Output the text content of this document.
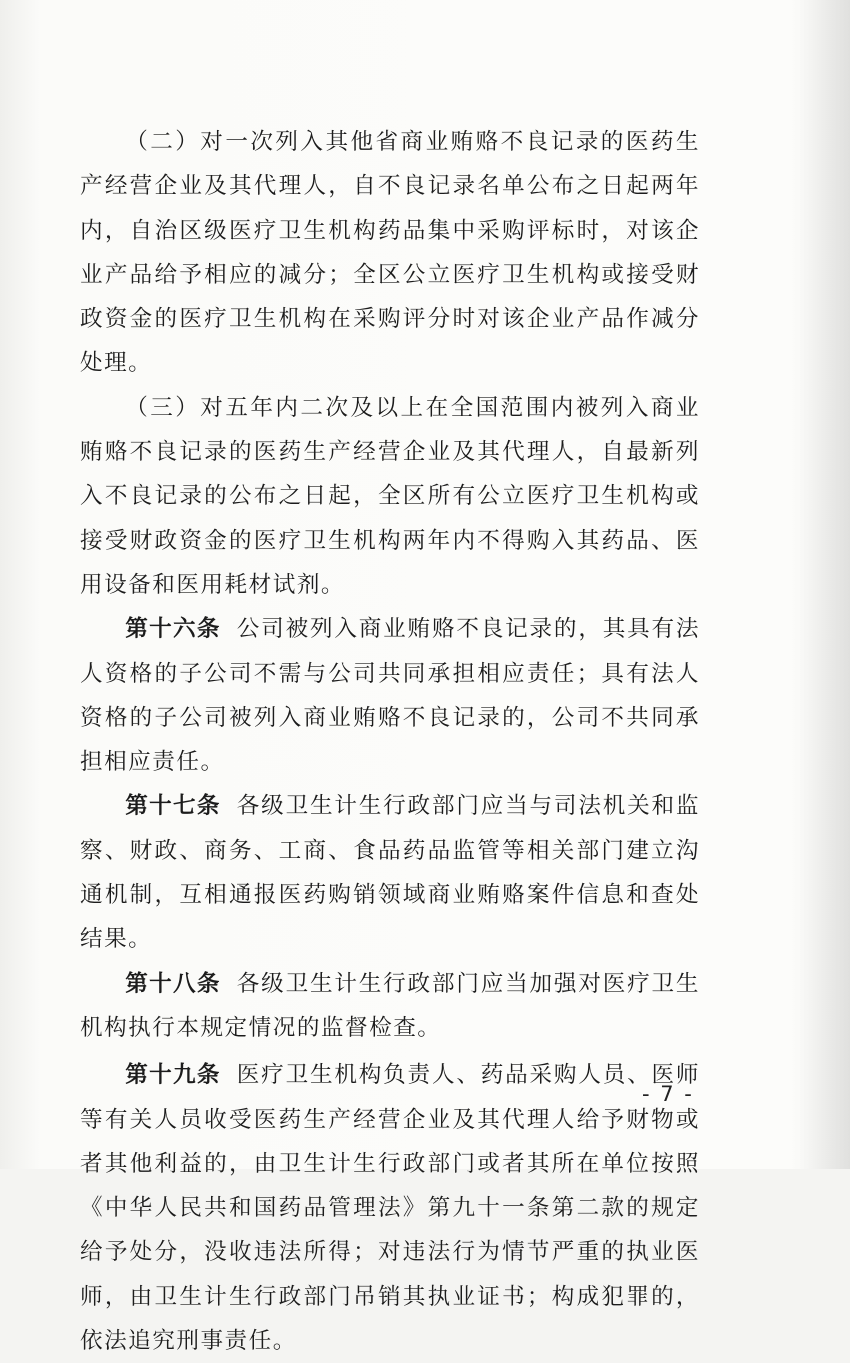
（二）对一次列入其他省商业贿赂不良记录的医药生产经营企业及其代理人，自不良记录名单公布之日起两年内，自治区级医疗卫生机构药品集中采购评标时，对该企业产品给予相应的减分；全区公立医疗卫生机构或接受财政资金的医疗卫生机构在采购评分时对该企业产品作减分处理。

（三）对五年内二次及以上在全国范围内被列入商业贿赂不良记录的医药生产经营企业及其代理人，自最新列入不良记录的公布之日起，全区所有公立医疗卫生机构或接受财政资金的医疗卫生机构两年内不得购入其药品、医用设备和医用耗材试剂。

第十六条 公司被列入商业贿赂不良记录的，其具有法人资格的子公司不需与公司共同承担相应责任；具有法人资格的子公司被列入商业贿赂不良记录的，公司不共同承担相应责任。

第十七条 各级卫生计生行政部门应当与司法机关和监察、财政、商务、工商、食品药品监管等相关部门建立沟通机制，互相通报医药购销领域商业贿赂案件信息和查处结果。

第十八条 各级卫生计生行政部门应当加强对医疗卫生机构执行本规定情况的监督检查。

第十九条 医疗卫生机构负责人、药品采购人员、医师等有关人员收受医药生产经营企业及其代理人给予财物或者其他利益的，由卫生计生行政部门或者其所在单位按照《中华人民共和国药品管理法》第九十一条第二款的规定给予处分，没收违法所得；对违法行为情节严重的执业医师，由卫生计生行政部门吊销其执业证书；构成犯罪的，依法追究刑事责任。

- 7 -
